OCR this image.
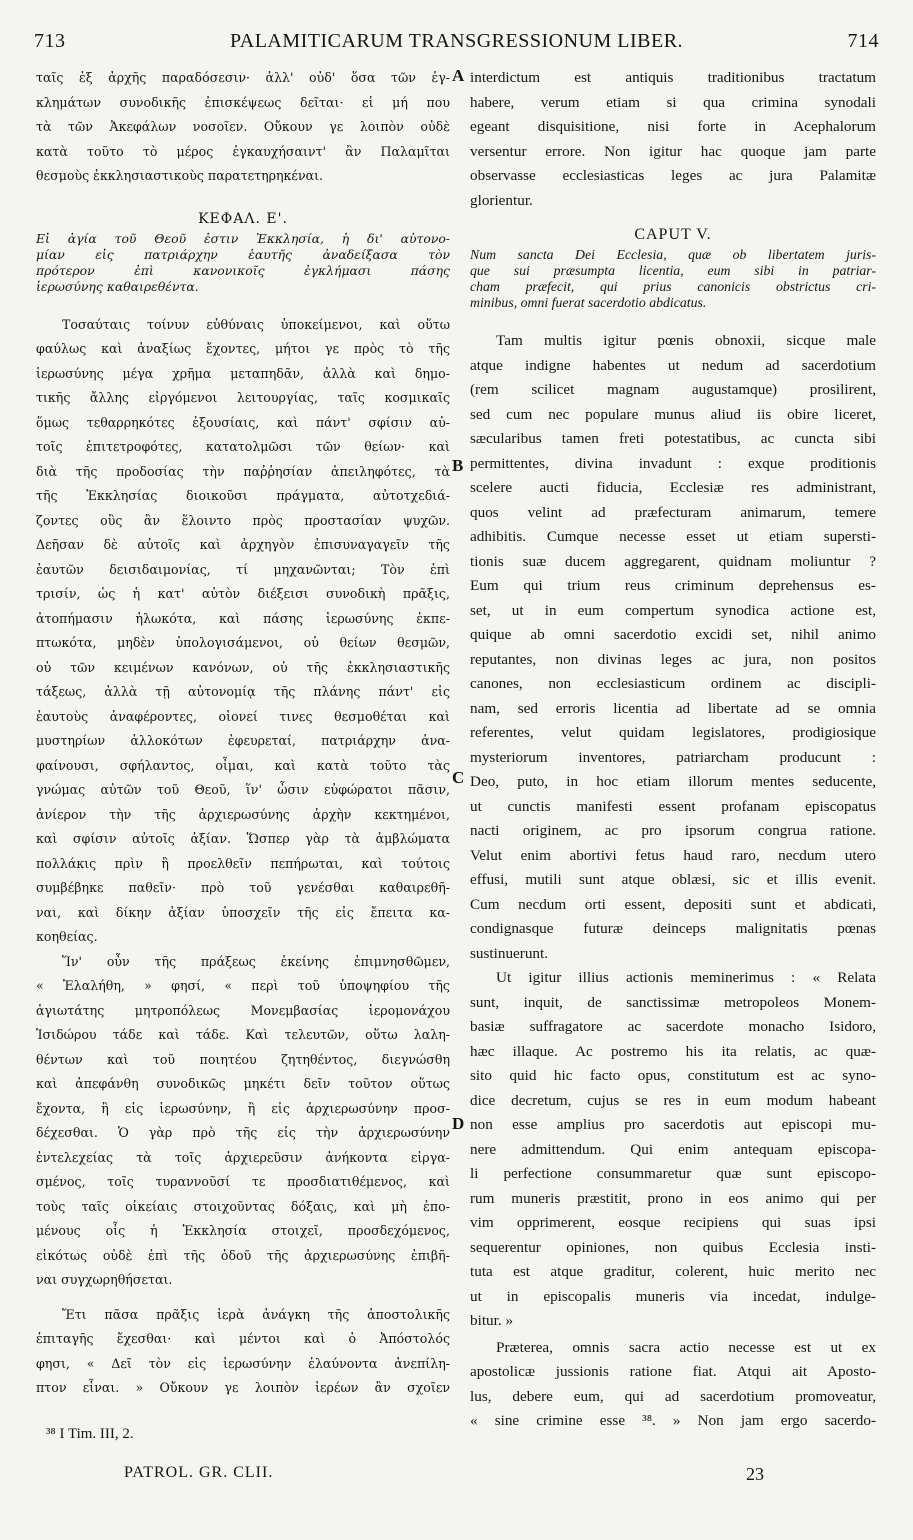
713	PALAMITICARUM TRANSGRESSIONUM LIBER.	714
ταῖς ἐξ ἀρχῆς παραδόσεσιν· ἀλλ' οὐδ' ὅσα τῶν ἐγ-
κλημάτων συνοδικῆς ἐπισκέψεως δεῖται· εἰ μή που
τὰ τῶν Ἀκεφάλων νοσοῖεν. Οὔκουν γε λοιπὸν οὐδὲ
κατὰ τοῦτο τὸ μέρος ἐγκαυχήσαιντ' ἂν Παλαμῖται
θεσμοὺς ἐκκλησιαστικοὺς παρατετηρηκέναι.
ΚΕΦΑΛ. Ε'.
Εἰ ἁγία τοῦ Θεοῦ ἐστιν Ἐκκλησία, ἡ δι' αὐτονο-
μίαν εἰς πατριάρχην ἑαυτῆς ἀναδείξασα τὸν
πρότερον ἐπὶ κανονικοῖς ἐγκλήμασι πάσης
ἱερωσύνης καθαιρεθέντα.
Τοσαύταις τοίνυν εὐθύναις ὑποκείμενοι, καὶ οὕτω
φαύλως καὶ ἀναξίως ἔχοντες, μήτοι γε πρὸς τὸ τῆς
ἱερωσύνης μέγα χρῆμα μεταπηδᾶν, ἀλλὰ καὶ δημο-
τικῆς ἄλλης εἰργόμενοι λειτουργίας, ταῖς κοσμικαῖς
ὅμως τεθαρρηκότες ἐξουσίαις, καὶ πάντ' σφίσιν αὐ-
τοῖς ἐπιτετροφότες, κατατολμῶσι τῶν θείων· καὶ
διὰ τῆς προδοσίας τὴν παῤῥησίαν ἀπειληφότες, τὰ
τῆς Ἐκκλησίας διοικοῦσι πράγματα, αὐτοτχεδιά-
ζοντες οὓς ἂν ἕλοιντο πρὸς προστασίαν ψυχῶν.
Δεῆσαν δὲ αὐτοῖς καὶ ἀρχηγὸν ἐπισυναγαγεῖν τῆς
ἑαυτῶν δεισιδαιμονίας, τί μηχανῶνται; Τὸν ἐπὶ
τρισίν, ὡς ἡ κατ' αὐτὸν διέξεισι συνοδικὴ πρᾶξις,
ἀτοπήμασιν ἡλωκότα, καὶ πάσης ἱερωσύνης ἐκπε-
πτωκότα, μηδὲν ὑπολογισάμενοι, οὐ θείων θεσμῶν,
οὐ τῶν κειμένων κανόνων, οὐ τῆς ἐκκλησιαστικῆς
τάξεως, ἀλλὰ τῇ αὐτονομίᾳ τῆς πλάνης πάντ' εἰς
ἑαυτοὺς ἀναφέροντες, οἱονεί τινες θεσμοθέται καὶ
μυστηρίων ἀλλοκότων ἐφευρεταί, πατριάρχην ἀνα-
φαίνουσι, σφήλαντος, οἶμαι, καὶ κατὰ τοῦτο τὰς
γνώμας αὐτῶν τοῦ Θεοῦ, ἵν' ὦσιν εὐφώρατοι πᾶσιν,
ἀνίερον τὴν τῆς ἀρχιερωσύνης ἀρχὴν κεκτημένοι,
καὶ σφίσιν αὐτοῖς ἀξίαν. Ὥσπερ γὰρ τὰ ἀμβλώματα
πολλάκις πρὶν ἢ προελθεῖν πεπήρωται, καὶ τούτοις
συμβέβηκε παθεῖν· πρὸ τοῦ γενέσθαι καθαιρεθῆ-
ναι, καὶ δίκην ἀξίαν ὑποσχεῖν τῆς εἰς ἔπειτα κα-
κοηθείας.
Ἵν' οὖν τῆς πράξεως ἐκείνης ἐπιμνησθῶμεν,
« Ἐλαλήθη, » φησί, « περὶ τοῦ ὑποψηφίου τῆς
ἁγιωτάτης μητροπόλεως Μονεμβασίας ἱερομονάχου
Ἰσιδώρου τάδε καὶ τάδε. Καὶ τελευτῶν, οὕτω λαλη-
θέντων καὶ τοῦ ποιητέου ζητηθέντος, διεγνώσθη
καὶ ἀπεφάνθη συνοδικῶς μηκέτι δεῖν τοῦτον οὕτως
ἔχοντα, ἢ εἰς ἱερωσύνην, ἢ εἰς ἀρχιερωσύνην προσ-
δέχεσθαι. Ὁ γὰρ πρὸ τῆς εἰς τὴν ἀρχιερωσύνην
ἐντελεχείας τὰ τοῖς ἀρχιερεῦσιν ἀνήκοντα εἰργα-
σμένος, τοῖς τυραννοῦσί τε προσδιατιθέμενος, καὶ
τοὺς ταῖς οἰκείαις στοιχοῦντας δόξαις, καὶ μὴ ἑπο-
μένους οἷς ἡ Ἐκκλησία στοιχεῖ, προσδεχόμενος,
εἰκότως οὐδὲ ἐπὶ τῆς ὁδοῦ τῆς ἀρχιερωσύνης ἐπιβῆ-
ναι συγχωρηθήσεται.
Ἔτι πᾶσα πρᾶξις ἱερὰ ἀνάγκη τῆς ἀποστολικῆς
ἐπιταγῆς ἔχεσθαι· καὶ μέντοι καὶ ὁ Ἀπόστολός
φησι, « Δεῖ τὸν εἰς ἱερωσύνην ἐλαύνοντα ἀνεπίλη-
πτον εἶναι. » Οὔκουν γε λοιπὸν ἱερέων ἂν σχοῖεν
A
B
C
D
interdictum est antiquis traditionibus tractatum
habere, verum etiam si qua crimina synodali
egeant disquisitione, nisi forte in Acephalorum
versentur errore. Non igitur hac quoque jam parte
observasse ecclesiasticas leges ac jura Palamitæ
glorientur.
CAPUT V.
Num sancta Dei Ecclesia, quæ ob libertatem juris-
que sui præsumpta licentia, eum sibi in patriar-
cham præfecit, qui prius canonicis obstrictus cri-
minibus, omni fuerat sacerdotio abdicatus.
Tam multis igitur pœnis obnoxii, sicque male
atque indigne habentes ut nedum ad sacerdotium
(rem scilicet magnam augustamque) prosilirent,
sed cum nec populare munus aliud iis obire liceret,
sæcularibus tamen freti potestatibus, ac cuncta sibi
permittentes, divina invadunt : exque proditionis
scelere aucti fiducia, Ecclesiæ res administrant,
quos velint ad præfecturam animarum, temere
adhibitis. Cumque necesse esset ut etiam supersti-
tionis suæ ducem aggregarent, quidnam moliuntur ?
Eum qui trium reus criminum deprehensus es-
set, ut in eum compertum synodica actione est,
quique ab omni sacerdotio excidi set, nihil animo
reputantes, non divinas leges ac jura, non positos
canones, non ecclesiasticum ordinem ac discipli-
nam, sed erroris licentia ad libertate ad se omnia
referentes, velut quidam legislatores, prodigiosique
mysteriorum inventores, patriarcham producunt :
Deo, puto, in hoc etiam illorum mentes seducente,
ut cunctis manifesti essent profanam episcopatus
nacti originem, ac pro ipsorum congrua ratione.
Velut enim abortivi fetus haud raro, necdum utero
effusi, mutili sunt atque oblæsi, sic et illis evenit.
Cum necdum orti essent, depositi sunt et abdicati,
condignasque futuræ deinceps malignitatis pœnas
sustinuerunt.
Ut igitur illius actionis meminerimus : « Relata
sunt, inquit, de sanctissimæ metropoleos Monem-
basiæ suffragatore ac sacerdote monacho Isidoro,
hæc illaque. Ac postremo his ita relatis, ac quæ-
sito quid hic facto opus, constitutum est ac syno-
dice decretum, cujus se res in eum modum habeant
non esse amplius pro sacerdotis aut episcopi mu-
nere admittendum. Qui enim antequam episcopa-
li perfectione consummaretur quæ sunt episcopo-
rum muneris præstitit, prono in eos animo qui per
vim opprimerent, eosque recipiens qui suas ipsi
sequerentur opiniones, non quibus Ecclesia insti-
tuta est atque graditur, colerent, huic merito nec
ut in episcopalis muneris via incedat, indulge-
bitur. »
Præterea, omnis sacra actio necesse est ut ex
apostolicæ jussionis ratione fiat. Atqui ait Aposto-
lus, debere eum, qui ad sacerdotium promoveatur,
« sine crimine esse ³⁸. » Non jam ergo sacerdo-
³⁸ I Tim. III, 2.
PATROL. GR. CLII.	23
